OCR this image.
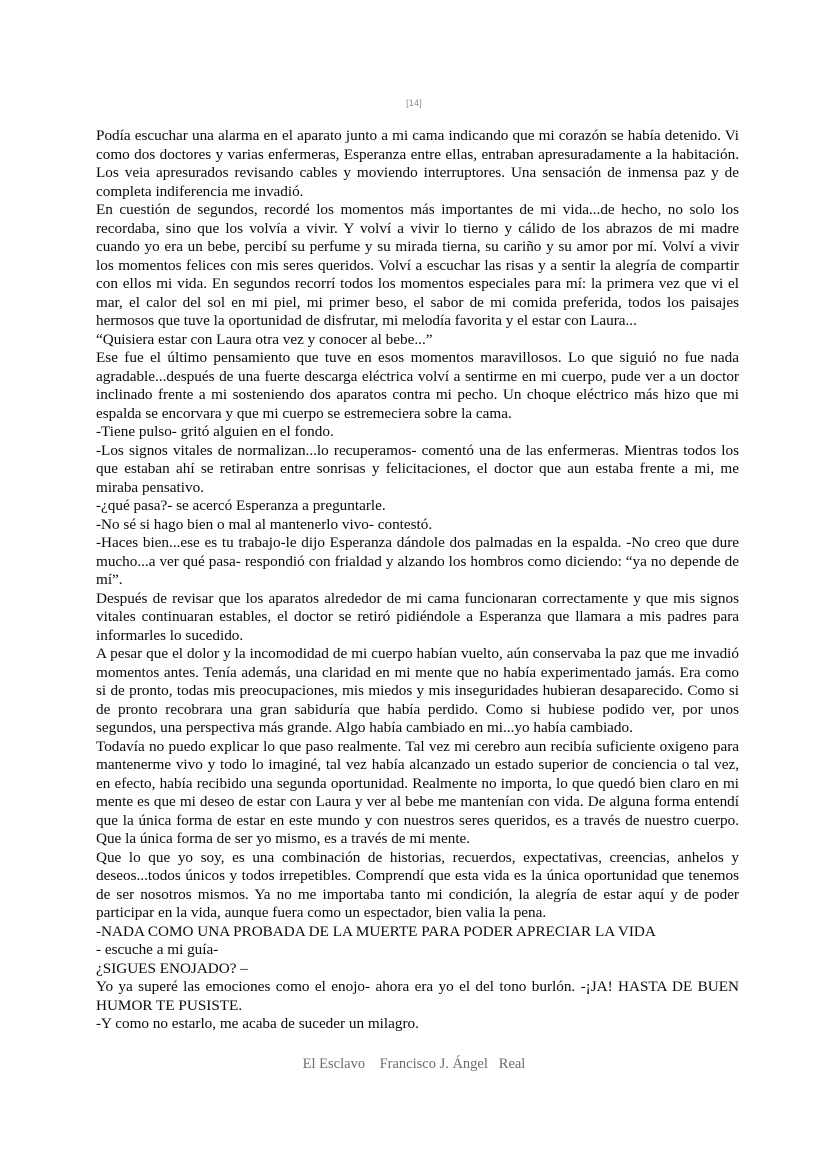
[14]

Podía escuchar una alarma en el aparato junto a mi cama indicando que mi corazón se había detenido. Vi como dos doctores y varias enfermeras, Esperanza entre ellas, entraban apresuradamente a la habitación. Los veia apresurados revisando cables y moviendo interruptores. Una sensación de inmensa paz y de completa indiferencia me invadió.

En cuestión de segundos, recordé los momentos más importantes de mi vida...de hecho, no solo los recordaba, sino que los volvía a vivir. Y volví a vivir lo tierno y cálido de los abrazos de mi madre cuando yo era un bebe, percibí su perfume y su mirada tierna, su cariño y su amor por mí. Volví a vivir los momentos felices con mis seres queridos. Volví a escuchar las risas y a sentir la alegría de compartir con ellos mi vida. En segundos recorrí todos los momentos especiales para mí: la primera vez que vi el mar, el calor del sol en mi piel, mi primer beso, el sabor de mi comida preferida, todos los paisajes hermosos que tuve la oportunidad de disfrutar, mi melodía favorita y el estar con Laura...

“Quisiera estar con Laura otra vez y conocer al bebe...”

Ese fue el último pensamiento que tuve en esos momentos maravillosos. Lo que siguió no fue nada agradable...después de una fuerte descarga eléctrica volví a sentirme en mi cuerpo, pude ver a un doctor inclinado frente a mi sosteniendo dos aparatos contra mi pecho. Un choque eléctrico más hizo que mi espalda se encorvara y que mi cuerpo se estremeciera sobre la cama.

-Tiene pulso- gritó alguien en el fondo.

-Los signos vitales de normalizan...lo recuperamos- comentó una de las enfermeras. Mientras todos los que estaban ahí se retiraban entre sonrisas y felicitaciones, el doctor que aun estaba frente a mi, me miraba pensativo.

-¿qué pasa?- se acercó Esperanza a preguntarle.

-No sé si hago bien o mal al mantenerlo vivo- contestó.

-Haces bien...ese es tu trabajo-le dijo Esperanza dándole dos palmadas en la espalda. -No creo que dure mucho...a ver qué pasa- respondió con frialdad y alzando los hombros como diciendo: “ya no depende de mí”.

Después de revisar que los aparatos alrededor de mi cama funcionaran correctamente y que mis signos vitales continuaran estables, el doctor se retiró pidiéndole a Esperanza que llamara a mis padres para informarles lo sucedido.

A pesar que el dolor y la incomodidad de mi cuerpo habían vuelto, aún conservaba la paz que me invadió momentos antes. Tenía además, una claridad en mi mente que no había experimentado jamás. Era como si de pronto, todas mis preocupaciones, mis miedos y mis inseguridades hubieran desaparecido. Como si de pronto recobrara una gran sabiduría que había perdido. Como si hubiese podido ver, por unos segundos, una perspectiva más grande. Algo había cambiado en mi...yo había cambiado.

Todavía no puedo explicar lo que paso realmente. Tal vez mi cerebro aun recibía suficiente oxigeno para mantenerme vivo y todo lo imaginé, tal vez había alcanzado un estado superior de conciencia o tal vez, en efecto, había recibido una segunda oportunidad. Realmente no importa, lo que quedó bien claro en mi mente es que mi deseo de estar con Laura y ver al bebe me mantenían con vida. De alguna forma entendí que la única forma de estar en este mundo y con nuestros seres queridos, es a través de nuestro cuerpo. Que la única forma de ser yo mismo, es a través de mi mente.

Que lo que yo soy, es una combinación de historias, recuerdos, expectativas, creencias, anhelos y deseos...todos únicos y todos irrepetibles. Comprendí que esta vida es la única oportunidad que tenemos de ser nosotros mismos. Ya no me importaba tanto mi condición, la alegría de estar aquí y de poder participar en la vida, aunque fuera como un espectador, bien valia la pena.

-NADA COMO UNA PROBADA DE LA MUERTE PARA PODER APRECIAR LA VIDA

- escuche a mi guía-

¿SIGUES ENOJADO? –

Yo ya superé las emociones como el enojo- ahora era yo el del tono burlón. -¡JA! HASTA DE BUEN HUMOR TE PUSISTE.

-Y como no estarlo, me acaba de suceder un milagro.

El Esclavo    Francisco J. Ángel   Real
